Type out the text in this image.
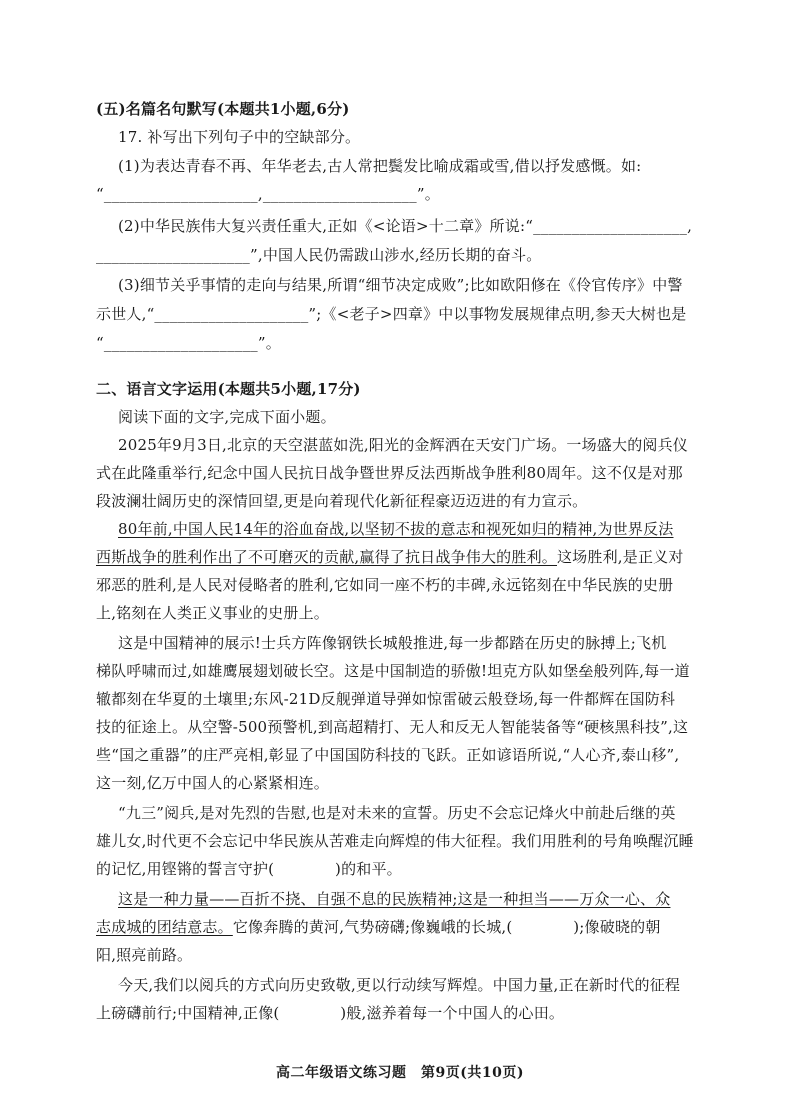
(五)名篇名句默写(本题共1小题,6分)
17. 补写出下列句子中的空缺部分。
(1)为表达青春不再、年华老去,古人常把鬓发比喻成霜或雪,借以抒发感慨。如:
“____________________,____________________”。
(2)中华民族伟大复兴责任重大,正如《<论语>十二章》所说:“____________________,
____________________”,中国人民仍需跋山涉水,经历长期的奋斗。
(3)细节关乎事情的走向与结果,所谓“细节决定成败”;比如欧阳修在《伶官传序》中警
示世人,“____________________”;《<老子>四章》中以事物发展规律点明,参天大树也是
“____________________”。
二、语言文字运用(本题共5小题,17分)
阅读下面的文字,完成下面小题。
2025年9月3日,北京的天空湛蓝如洗,阳光的金辉洒在天安门广场。一场盛大的阅兵仪
式在此隆重举行,纪念中国人民抗日战争暨世界反法西斯战争胜利80周年。这不仅是对那
段波澜壮阔历史的深情回望,更是向着现代化新征程豪迈迈进的有力宣示。
80年前,中国人民14年的浴血奋战,以坚韧不拔的意志和视死如归的精神,为世界反法
西斯战争的胜利作出了不可磨灭的贡献,赢得了抗日战争伟大的胜利。这场胜利,是正义对
邪恶的胜利,是人民对侵略者的胜利,它如同一座不朽的丰碑,永远铭刻在中华民族的史册
上,铭刻在人类正义事业的史册上。
这是中国精神的展示!士兵方阵像钢铁长城般推进,每一步都踏在历史的脉搏上;飞机
梯队呼啸而过,如雄鹰展翅划破长空。这是中国制造的骄傲!坦克方队如堡垒般列阵,每一道
辙都刻在华夏的土壤里;东风-21D反舰弹道导弹如惊雷破云般登场,每一件都辉在国防科
技的征途上。从空警-500预警机,到高超精打、无人和反无人智能装备等“硬核黑科技”,这
些“国之重器”的庄严亮相,彰显了中国国防科技的飞跃。正如谚语所说,“人心齐,泰山移”,
这一刻,亿万中国人的心紧紧相连。
“九三”阅兵,是对先烈的告慰,也是对未来的宣誓。历史不会忘记烽火中前赴后继的英
雄儿女,时代更不会忘记中华民族从苦难走向辉煌的伟大征程。我们用胜利的号角唤醒沉睡
的记忆,用铿锵的誓言守护(　　　　)的和平。
这是一种力量——百折不挠、自强不息的民族精神;这是一种担当——万众一心、众
志成城的团结意志。它像奔腾的黄河,气势磅礴;像巍峨的长城,(　　　　);像破晓的朝
阳,照亮前路。
今天,我们以阅兵的方式向历史致敬,更以行动续写辉煌。中国力量,正在新时代的征程
上磅礴前行;中国精神,正像(　　　　)般,滋养着每一个中国人的心田。
高二年级语文练习题　第9页(共10页)
